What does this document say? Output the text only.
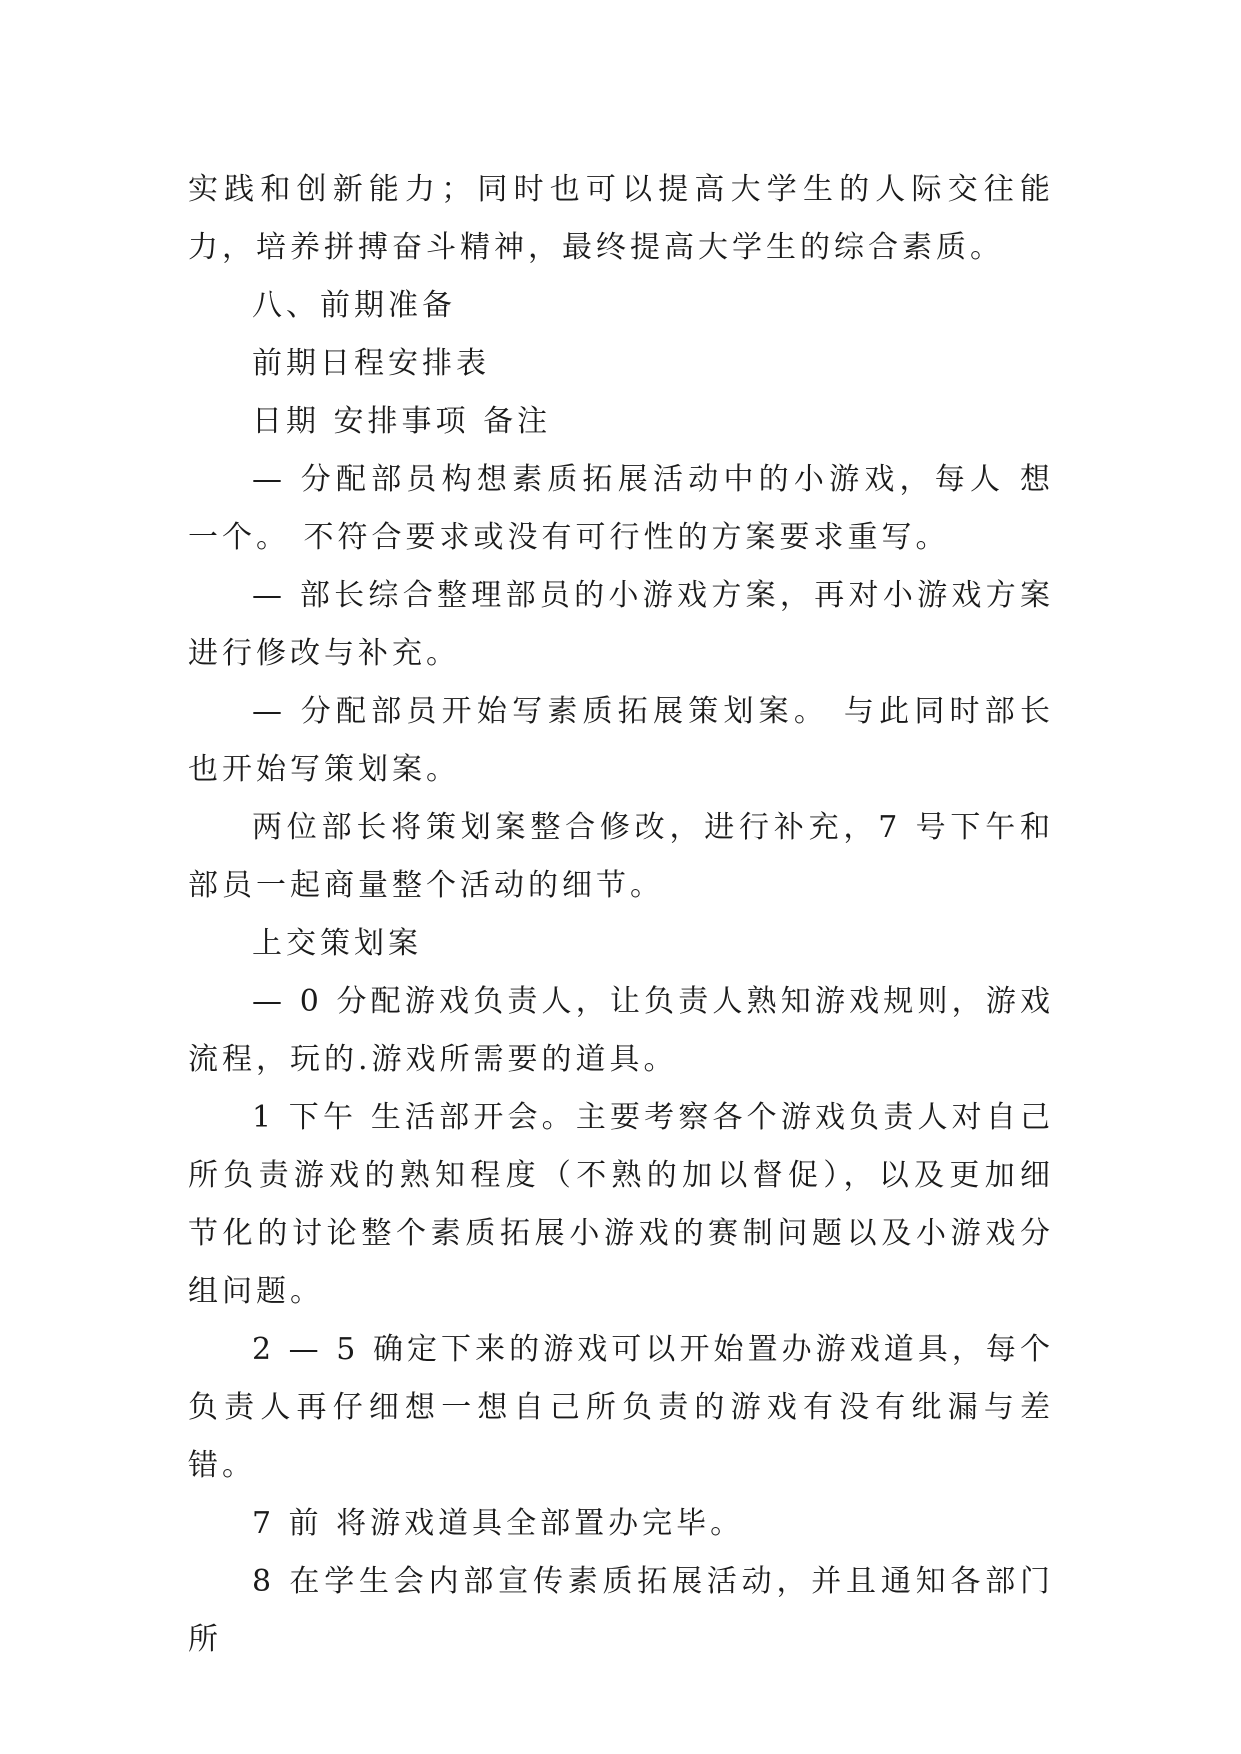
实践和创新能力；同时也可以提高大学生的人际交往能力，培养拼搏奋斗精神，最终提高大学生的综合素质。

八、前期准备

前期日程安排表

日期 安排事项 备注

— 分配部员构想素质拓展活动中的小游戏，每人 想一个。 不符合要求或没有可行性的方案要求重写。

— 部长综合整理部员的小游戏方案，再对小游戏方案进行修改与补充。

— 分配部员开始写素质拓展策划案。 与此同时部长也开始写策划案。

两位部长将策划案整合修改，进行补充，7 号下午和部员一起商量整个活动的细节。

上交策划案

— 0 分配游戏负责人，让负责人熟知游戏规则，游戏流程，玩的.游戏所需要的道具。

1 下午 生活部开会。主要考察各个游戏负责人对自己所负责游戏的熟知程度（不熟的加以督促），以及更加细节化的讨论整个素质拓展小游戏的赛制问题以及小游戏分组问题。

2 — 5 确定下来的游戏可以开始置办游戏道具，每个负责人再仔细想一想自己所负责的游戏有没有纰漏与差错。

7 前 将游戏道具全部置办完毕。

8 在学生会内部宣传素质拓展活动，并且通知各部门所
